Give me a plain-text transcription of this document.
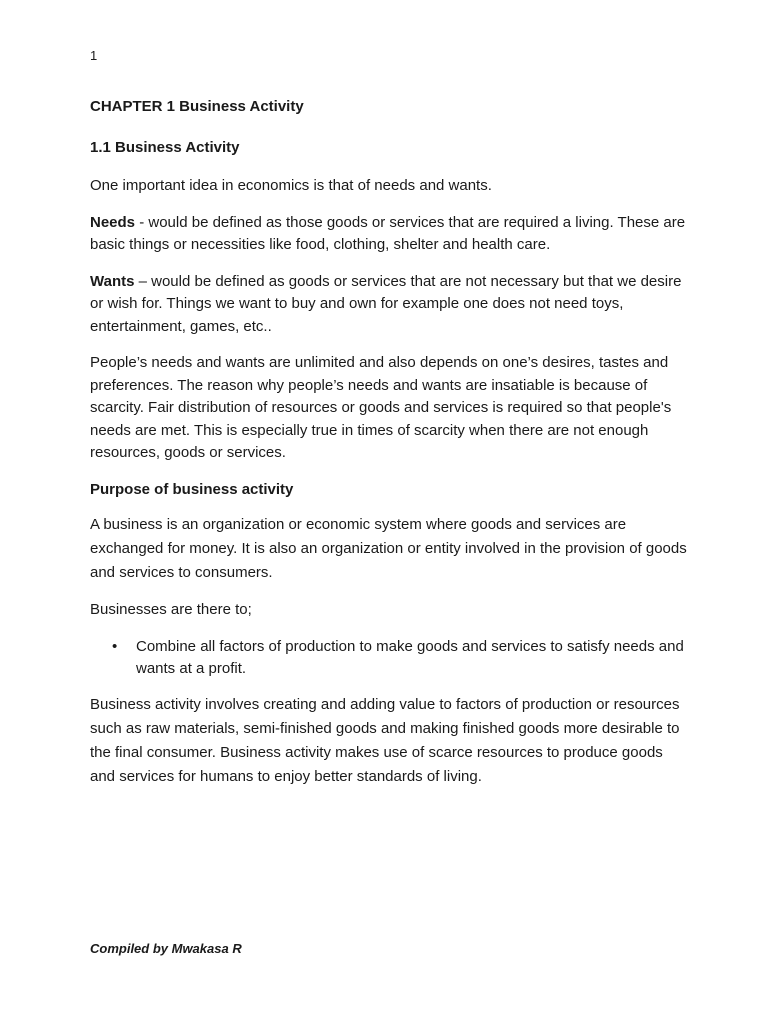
1
CHAPTER 1 Business Activity
1.1 Business Activity

One important idea in economics is that of needs and wants.

Needs - would be defined as those goods or services that are required a living. These are basic things or necessities like food, clothing, shelter and health care.

Wants – would be defined as goods or services that are not necessary but that we desire or wish for. Things we want to buy and own for example one does not need toys, entertainment, games, etc..

People’s needs and wants are unlimited and also depends on one’s desires, tastes and preferences. The reason why people’s needs and wants are insatiable is because of scarcity. Fair distribution of resources or goods and services is required so that people's needs are met. This is especially true in times of scarcity when there are not enough resources, goods or services.

Purpose of business activity

A business is an organization or economic system where goods and services are exchanged for money. It is also an organization or entity involved in the provision of goods and services to consumers.

Businesses are there to;

• Combine all factors of production to make goods and services to satisfy needs and wants at a profit.

Business activity involves creating and adding value to factors of production or resources such as raw materials, semi-finished goods and making finished goods more desirable to the final consumer. Business activity makes use of scarce resources to produce goods and services for humans to enjoy better standards of living.

Compiled by Mwakasa R
